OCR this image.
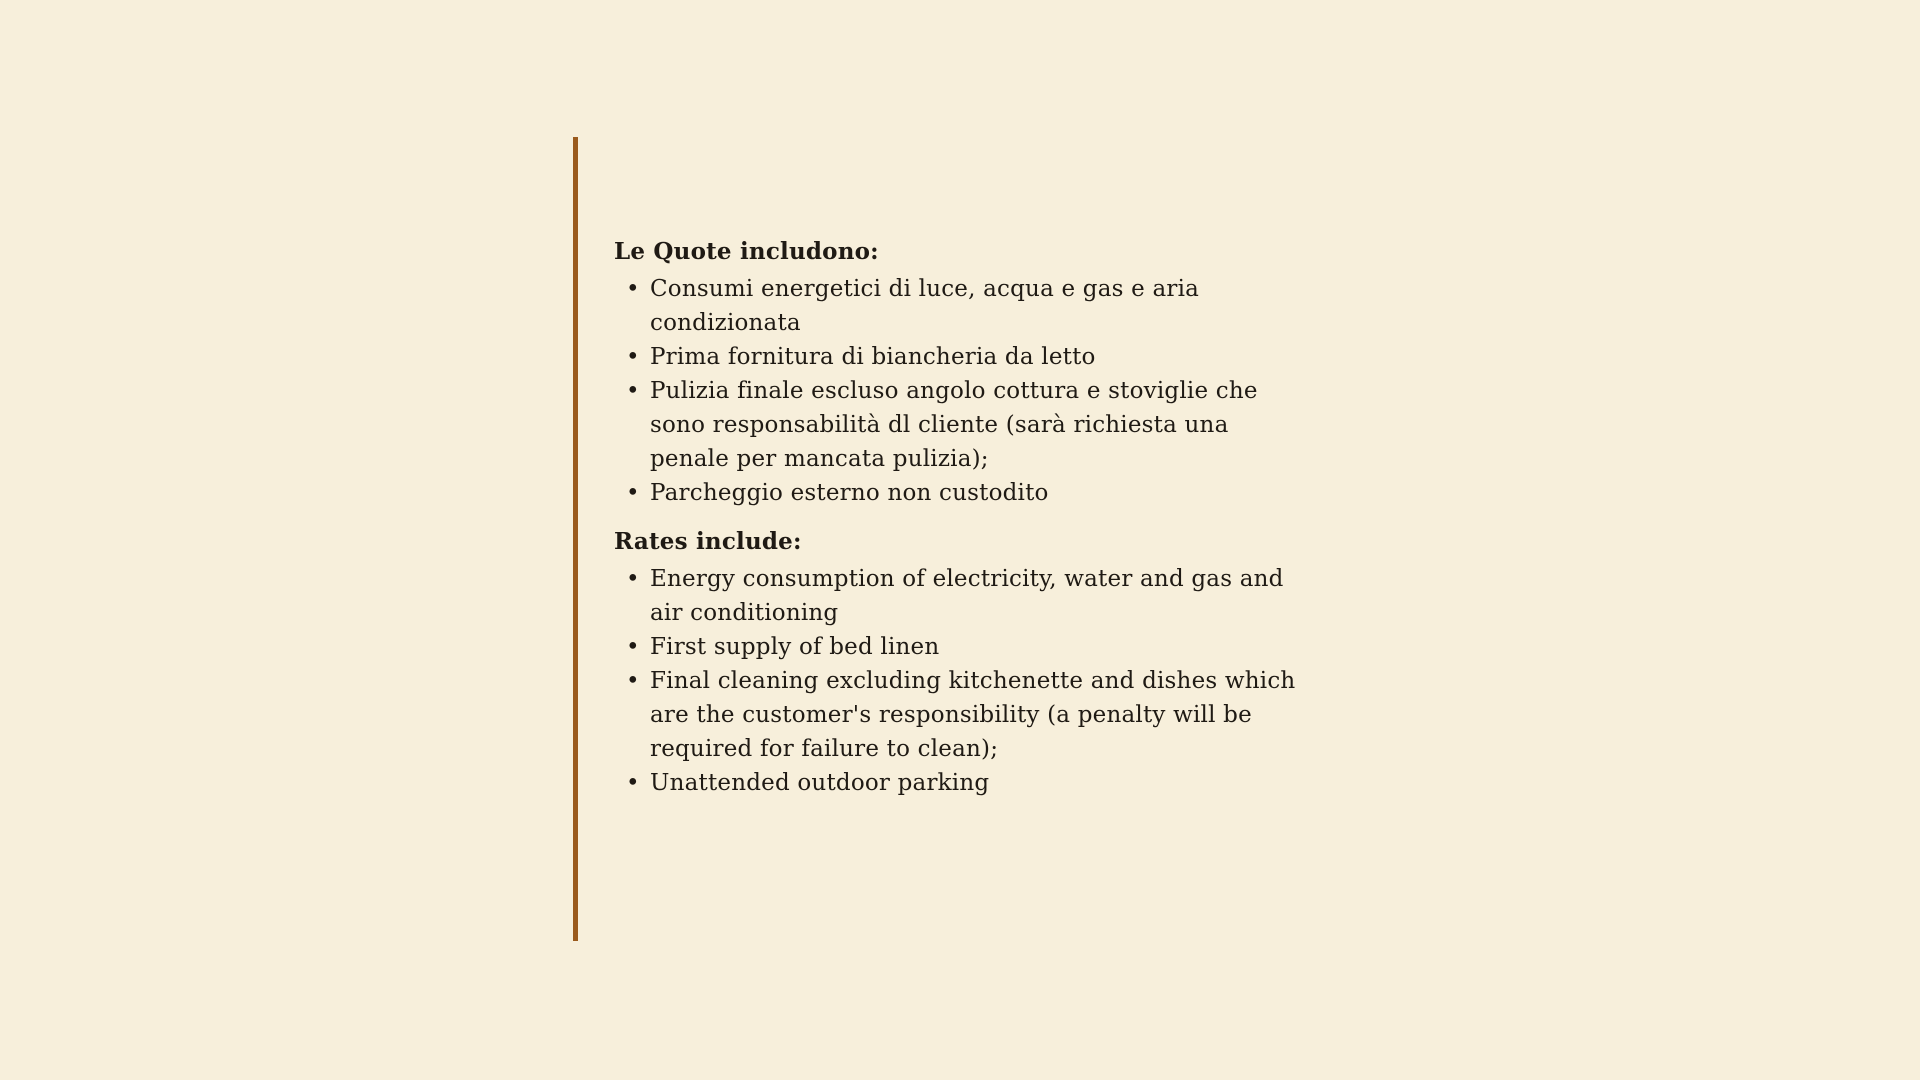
Le Quote includono:

• Consumi energetici di luce, acqua e gas e aria condizionata
• Prima fornitura di biancheria da letto
• Pulizia finale escluso angolo cottura e stoviglie che sono responsabilità dl cliente (sarà richiesta una penale per mancata pulizia);
• Parcheggio esterno non custodito

Rates include:

• Energy consumption of electricity, water and gas and air conditioning
• First supply of bed linen
• Final cleaning excluding kitchenette and dishes which are the customer's responsibility (a penalty will be required for failure to clean);
• Unattended outdoor parking
